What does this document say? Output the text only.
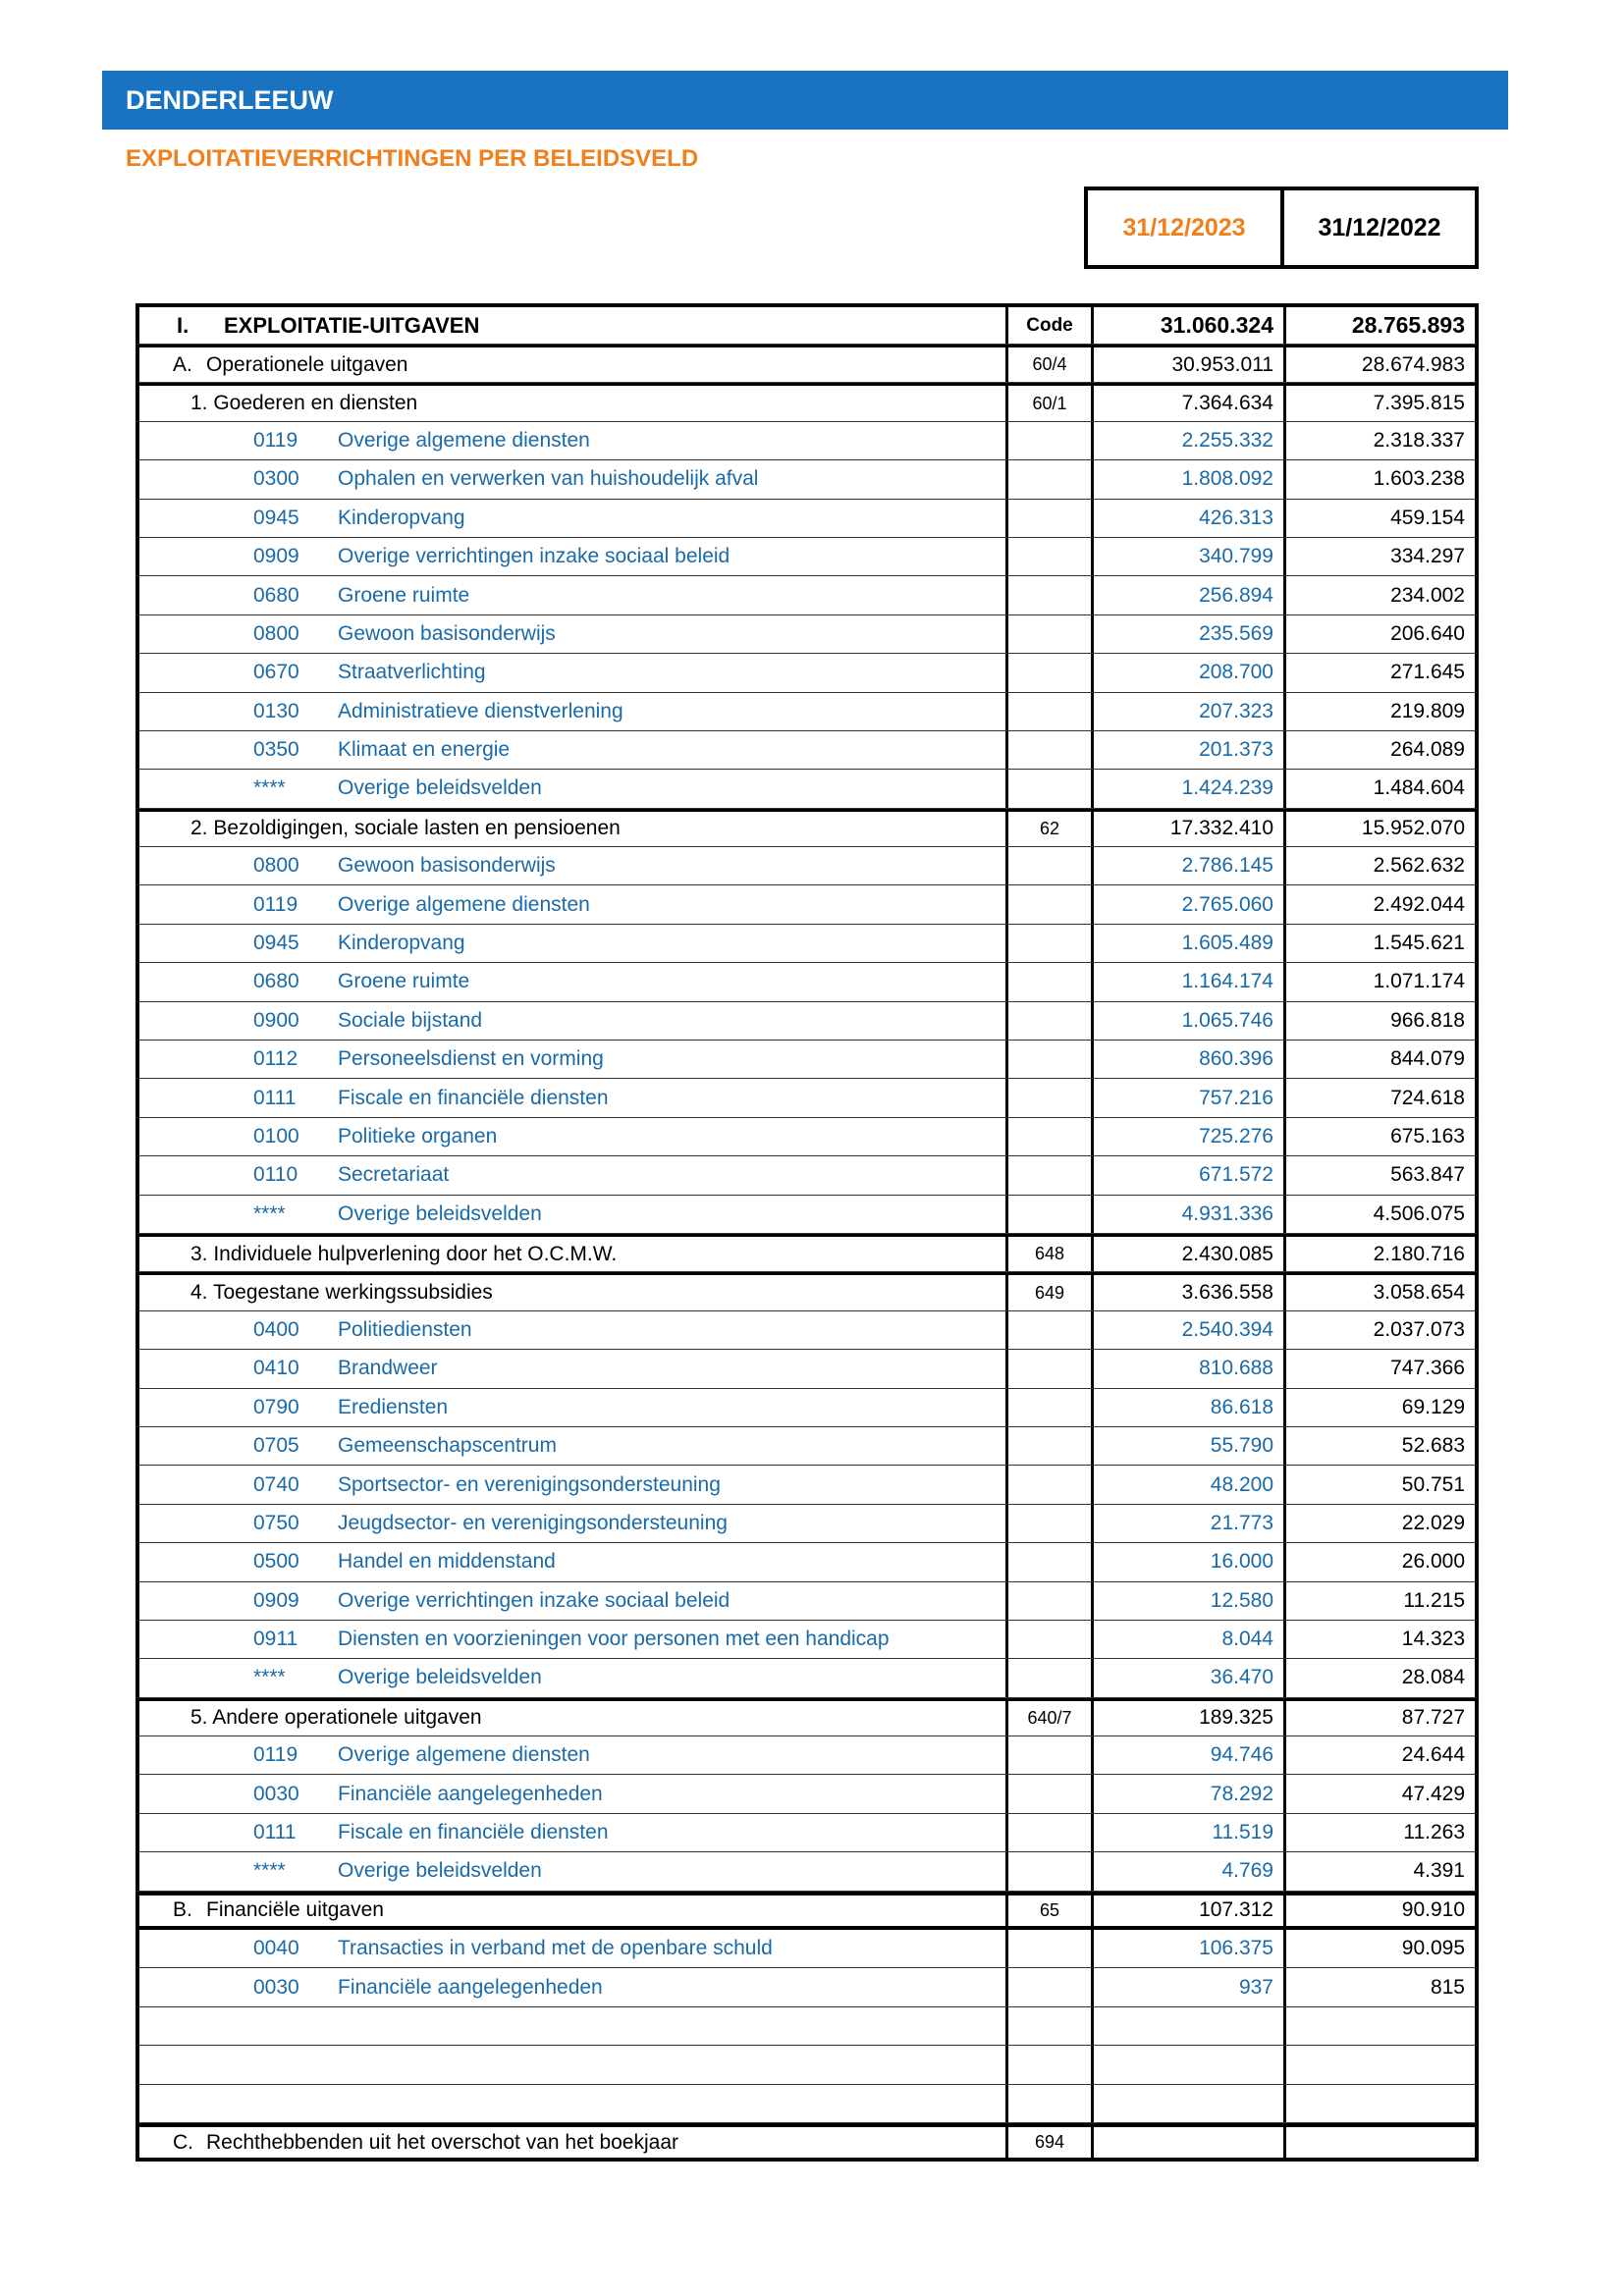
DENDERLEEUW
EXPLOITATIEVERRICHTINGEN PER BELEIDSVELD
31/12/2023	31/12/2022
I.	EXPLOITATIE-UITGAVEN	Code	31.060.324	28.765.893
A. Operationele uitgaven	60/4	30.953.011	28.674.983
1. Goederen en diensten	60/1	7.364.634	7.395.815
0119	Overige algemene diensten	2.255.332	2.318.337
0300	Ophalen en verwerken van huishoudelijk afval	1.808.092	1.603.238
0945	Kinderopvang	426.313	459.154
0909	Overige verrichtingen inzake sociaal beleid	340.799	334.297
0680	Groene ruimte	256.894	234.002
0800	Gewoon basisonderwijs	235.569	206.640
0670	Straatverlichting	208.700	271.645
0130	Administratieve dienstverlening	207.323	219.809
0350	Klimaat en energie	201.373	264.089
****	Overige beleidsvelden	1.424.239	1.484.604
2. Bezoldigingen, sociale lasten en pensioenen	62	17.332.410	15.952.070
0800	Gewoon basisonderwijs	2.786.145	2.562.632
0119	Overige algemene diensten	2.765.060	2.492.044
0945	Kinderopvang	1.605.489	1.545.621
0680	Groene ruimte	1.164.174	1.071.174
0900	Sociale bijstand	1.065.746	966.818
0112	Personeelsdienst en vorming	860.396	844.079
0111	Fiscale en financiële diensten	757.216	724.618
0100	Politieke organen	725.276	675.163
0110	Secretariaat	671.572	563.847
****	Overige beleidsvelden	4.931.336	4.506.075
3. Individuele hulpverlening door het O.C.M.W.	648	2.430.085	2.180.716
4. Toegestane werkingssubsidies	649	3.636.558	3.058.654
0400	Politiediensten	2.540.394	2.037.073
0410	Brandweer	810.688	747.366
0790	Erediensten	86.618	69.129
0705	Gemeenschapscentrum	55.790	52.683
0740	Sportsector- en verenigingsondersteuning	48.200	50.751
0750	Jeugdsector- en verenigingsondersteuning	21.773	22.029
0500	Handel en middenstand	16.000	26.000
0909	Overige verrichtingen inzake sociaal beleid	12.580	11.215
0911	Diensten en voorzieningen voor personen met een handicap	8.044	14.323
****	Overige beleidsvelden	36.470	28.084
5. Andere operationele uitgaven	640/7	189.325	87.727
0119	Overige algemene diensten	94.746	24.644
0030	Financiële aangelegenheden	78.292	47.429
0111	Fiscale en financiële diensten	11.519	11.263
****	Overige beleidsvelden	4.769	4.391
B. Financiële uitgaven	65	107.312	90.910
0040	Transacties in verband met de openbare schuld	106.375	90.095
0030	Financiële aangelegenheden	937	815
C. Rechthebbenden uit het overschot van het boekjaar	694
